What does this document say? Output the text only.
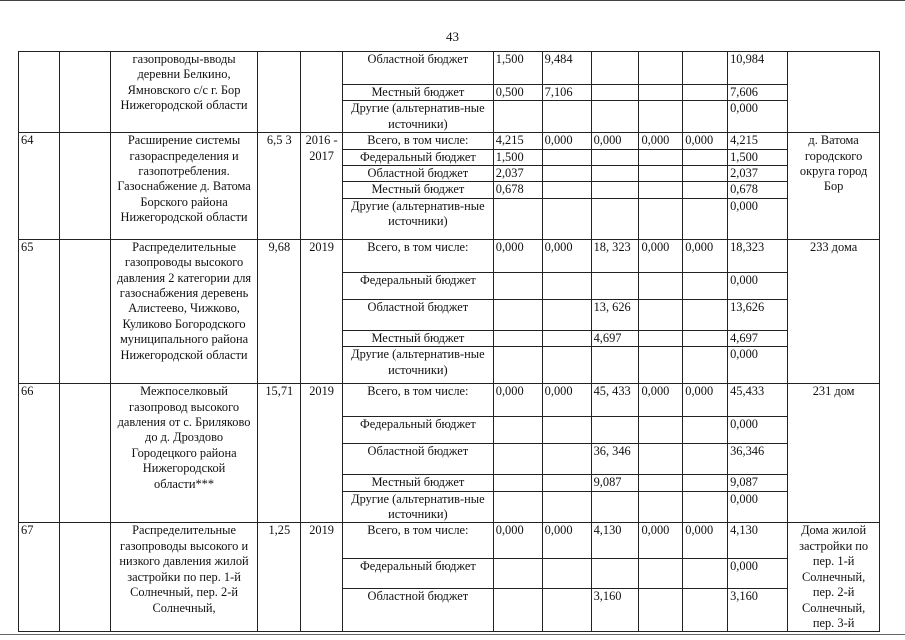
43
		газопроводы-вводы деревни Белкино, Ямновского с/с г. Бор Нижегородской области			Областной бюджет	1,500	9,484				10,984	
					Местный бюджет	0,500	7,106				7,606	
					Другие (альтернатив-ные источники)						0,000	
64		Расширение системы газораспределения и газопотребления. Газоснабжение д. Ватома Борского района Нижегородской области	6,5 3	2016 - 2017	Всего, в том числе:	4,215	0,000	0,000	0,000	0,000	4,215	д. Ватома городского округа город Бор
					Федеральный бюджет	1,500					1,500	
					Областной бюджет	2,037					2,037	
					Местный бюджет	0,678					0,678	
					Другие (альтернатив-ные источники)						0,000	
65		Распределительные газопроводы высокого давления 2 категории для газоснабжения деревень Алистеево, Чижково, Куликово Богородского муниципального района Нижегородской области	9,68	2019	Всего, в том числе:	0,000	0,000	18, 323	0,000	0,000	18,323	233 дома
					Федеральный бюджет						0,000	
					Областной бюджет			13, 626			13,626	
					Местный бюджет			4,697			4,697	
					Другие (альтернатив-ные источники)						0,000	
66		Межпоселковый газопровод высокого давления от с. Бриляково до д. Дроздово Городецкого района Нижегородской области***	15,71	2019	Всего, в том числе:	0,000	0,000	45, 433	0,000	0,000	45,433	231 дом
					Федеральный бюджет						0,000	
					Областной бюджет			36, 346			36,346	
					Местный бюджет			9,087			9,087	
					Другие (альтернатив-ные источники)						0,000	
67		Распределительные газопроводы высокого и низкого давления жилой застройки по пер. 1-й Солнечный, пер. 2-й Солнечный,	1,25	2019	Всего, в том числе:	0,000	0,000	4,130	0,000	0,000	4,130	Дома жилой застройки по пер. 1-й Солнечный, пер. 2-й Солнечный, пер. 3-й
					Федеральный бюджет						0,000	
					Областной бюджет			3,160			3,160	
